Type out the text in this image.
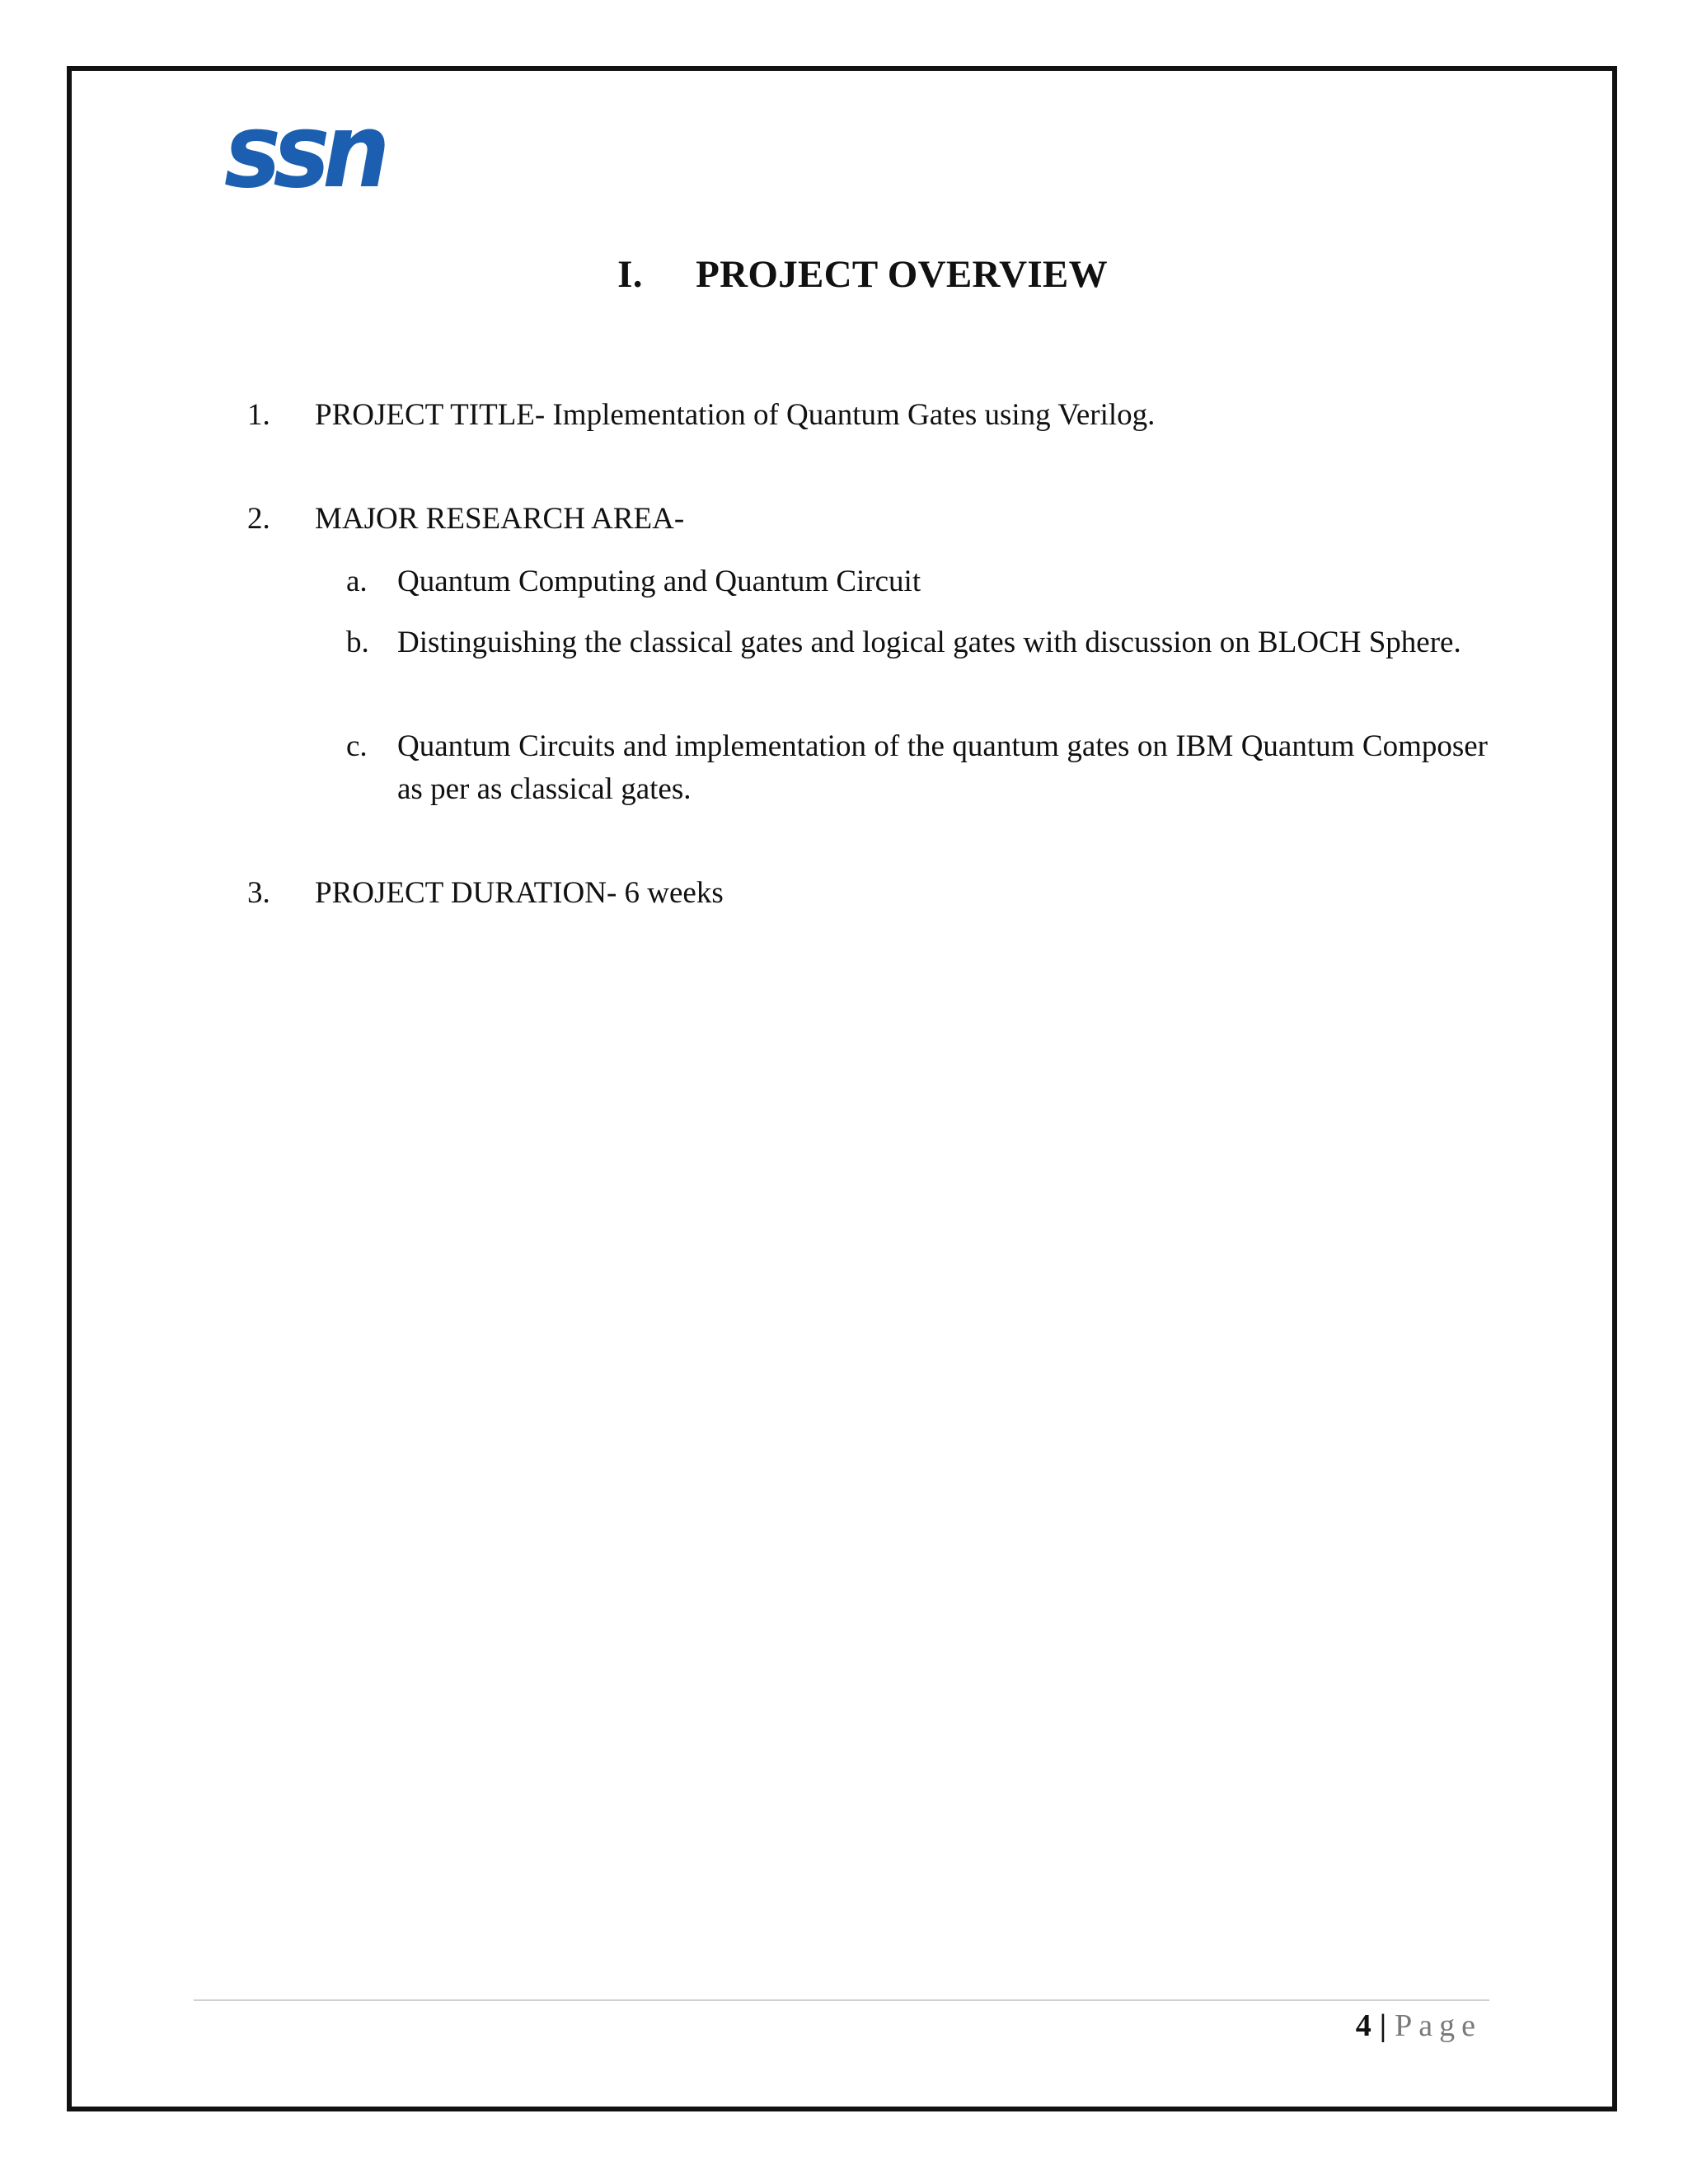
ssn
I. PROJECT OVERVIEW
1. PROJECT TITLE- Implementation of Quantum Gates using Verilog.
2. MAJOR RESEARCH AREA-
a. Quantum Computing and Quantum Circuit
b. Distinguishing the classical gates and logical gates with discussion on BLOCH Sphere.
c. Quantum Circuits and implementation of the quantum gates on IBM Quantum Composer as per as classical gates.
3. PROJECT DURATION- 6 weeks
4 | Page
